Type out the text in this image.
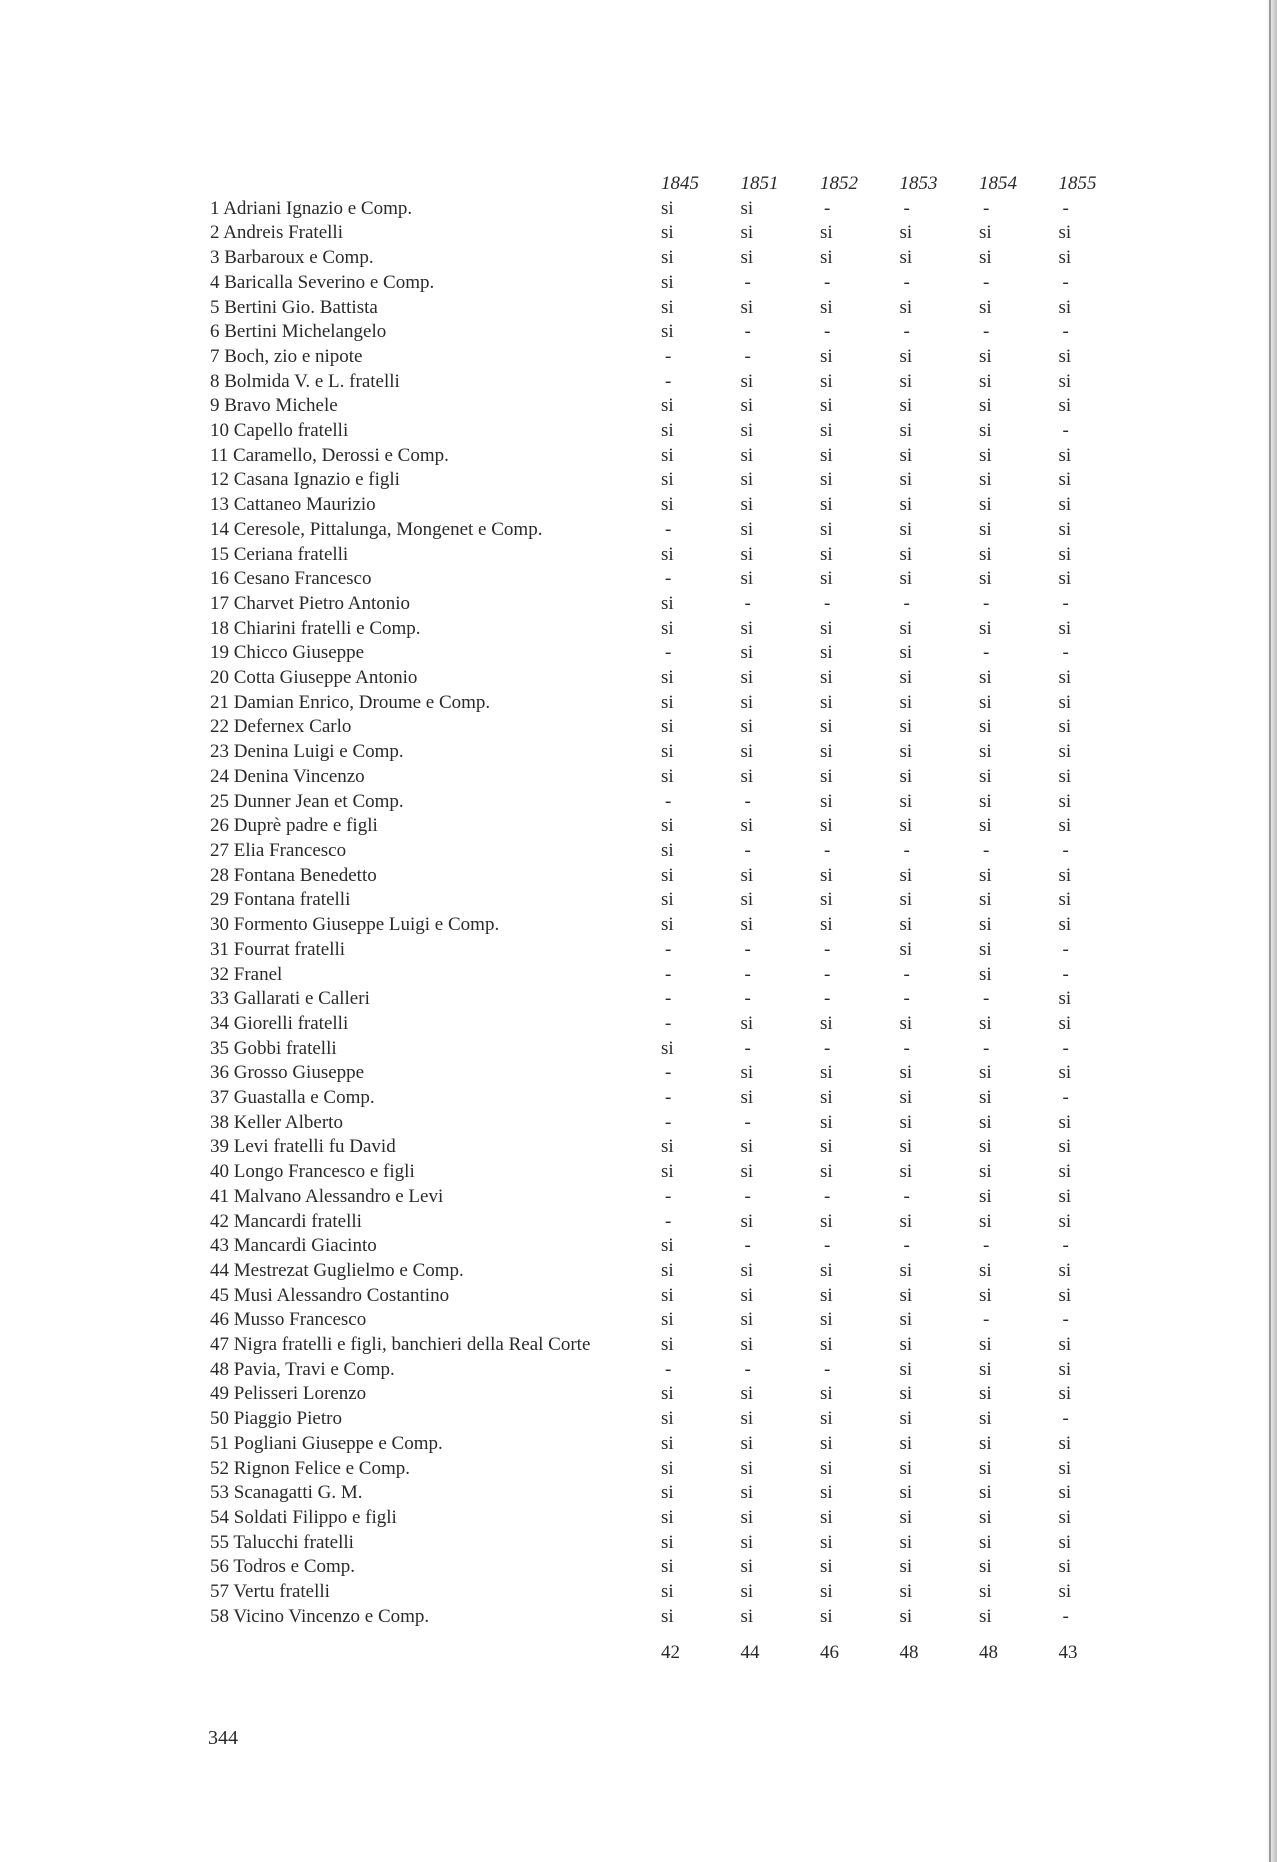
	1845	1851	1852	1853	1854	1855
1 Adriani Ignazio e Comp.	si	si	-	-	-	-
2 Andreis Fratelli	si	si	si	si	si	si
3 Barbaroux e Comp.	si	si	si	si	si	si
4 Baricalla Severino e Comp.	si	-	-	-	-	-
5 Bertini Gio. Battista	si	si	si	si	si	si
6 Bertini Michelangelo	si	-	-	-	-	-
7 Boch, zio e nipote	-	-	si	si	si	si
8 Bolmida V. e L. fratelli	-	si	si	si	si	si
9 Bravo Michele	si	si	si	si	si	si
10 Capello fratelli	si	si	si	si	si	-
11 Caramello, Derossi e Comp.	si	si	si	si	si	si
12 Casana Ignazio e figli	si	si	si	si	si	si
13 Cattaneo Maurizio	si	si	si	si	si	si
14 Ceresole, Pittalunga, Mongenet e Comp.	-	si	si	si	si	si
15 Ceriana fratelli	si	si	si	si	si	si
16 Cesano Francesco	-	si	si	si	si	si
17 Charvet Pietro Antonio	si	-	-	-	-	-
18 Chiarini fratelli e Comp.	si	si	si	si	si	si
19 Chicco Giuseppe	-	si	si	si	-	-
20 Cotta Giuseppe Antonio	si	si	si	si	si	si
21 Damian Enrico, Droume e Comp.	si	si	si	si	si	si
22 Defernex Carlo	si	si	si	si	si	si
23 Denina Luigi e Comp.	si	si	si	si	si	si
24 Denina Vincenzo	si	si	si	si	si	si
25 Dunner Jean et Comp.	-	-	si	si	si	si
26 Duprè padre e figli	si	si	si	si	si	si
27 Elia Francesco	si	-	-	-	-	-
28 Fontana Benedetto	si	si	si	si	si	si
29 Fontana fratelli	si	si	si	si	si	si
30 Formento Giuseppe Luigi e Comp.	si	si	si	si	si	si
31 Fourrat fratelli	-	-	-	si	si	-
32 Franel	-	-	-	-	si	-
33 Gallarati e Calleri	-	-	-	-	-	si
34 Giorelli fratelli	-	si	si	si	si	si
35 Gobbi fratelli	si	-	-	-	-	-
36 Grosso Giuseppe	-	si	si	si	si	si
37 Guastalla e Comp.	-	si	si	si	si	-
38 Keller Alberto	-	-	si	si	si	si
39 Levi fratelli fu David	si	si	si	si	si	si
40 Longo Francesco e figli	si	si	si	si	si	si
41 Malvano Alessandro e Levi	-	-	-	-	si	si
42 Mancardi fratelli	-	si	si	si	si	si
43 Mancardi Giacinto	si	-	-	-	-	-
44 Mestrezat Guglielmo e Comp.	si	si	si	si	si	si
45 Musi Alessandro Costantino	si	si	si	si	si	si
46 Musso Francesco	si	si	si	si	-	-
47 Nigra fratelli e figli, banchieri della Real Corte	si	si	si	si	si	si
48 Pavia, Travi e Comp.	-	-	-	si	si	si
49 Pelisseri Lorenzo	si	si	si	si	si	si
50 Piaggio Pietro	si	si	si	si	si	-
51 Pogliani Giuseppe e Comp.	si	si	si	si	si	si
52 Rignon Felice e Comp.	si	si	si	si	si	si
53 Scanagatti G. M.	si	si	si	si	si	si
54 Soldati Filippo e figli	si	si	si	si	si	si
55 Talucchi fratelli	si	si	si	si	si	si
56 Todros e Comp.	si	si	si	si	si	si
57 Vertu fratelli	si	si	si	si	si	si
58 Vicino Vincenzo e Comp.	si	si	si	si	si	-
	42	44	46	48	48	43
344
